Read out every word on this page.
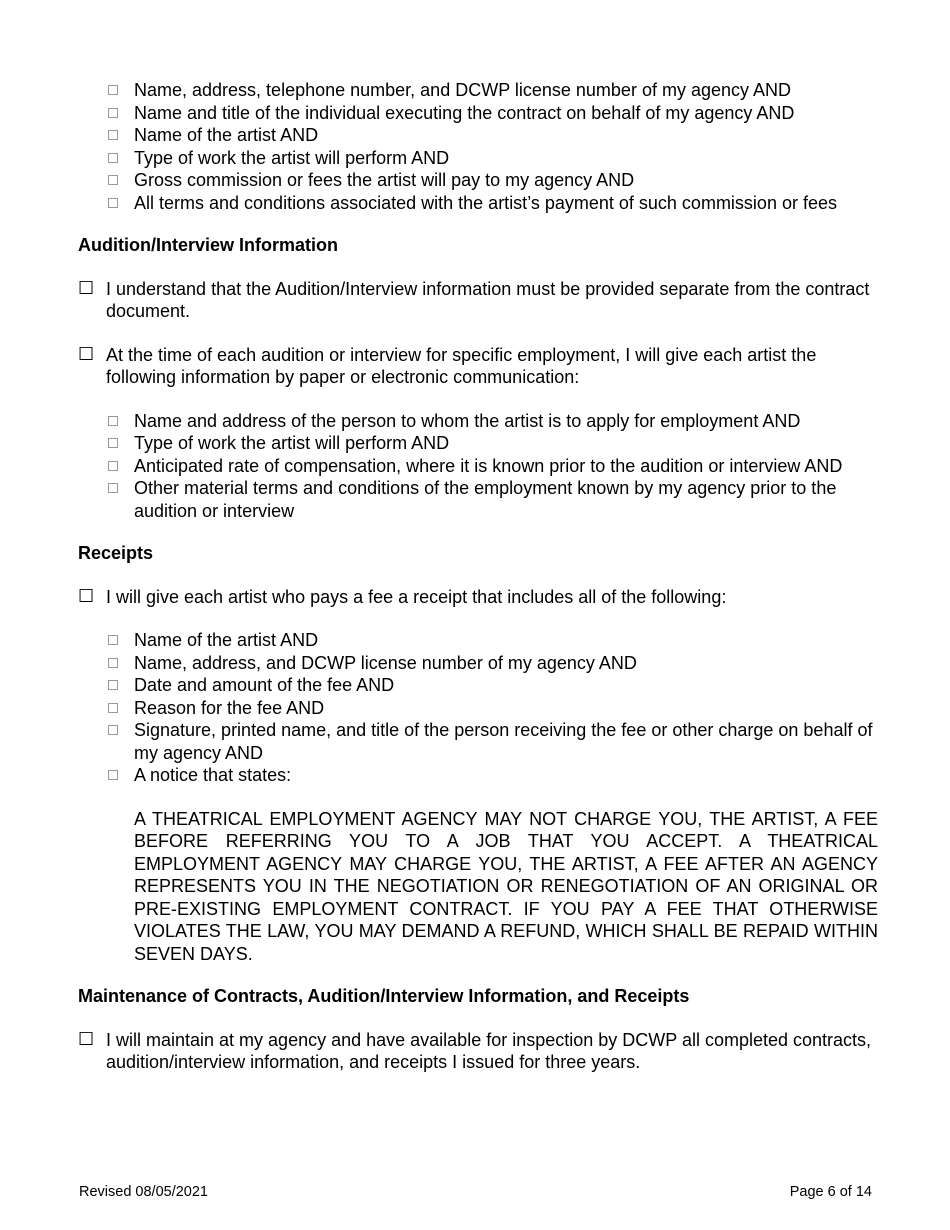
Name, address, telephone number, and DCWP license number of my agency AND
Name and title of the individual executing the contract on behalf of my agency AND
Name of the artist AND
Type of work the artist will perform AND
Gross commission or fees the artist will pay to my agency AND
All terms and conditions associated with the artist’s payment of such commission or fees

Audition/Interview Information

☐ I understand that the Audition/Interview information must be provided separate from the contract document.
☐ At the time of each audition or interview for specific employment, I will give each artist the following information by paper or electronic communication:
Name and address of the person to whom the artist is to apply for employment AND
Type of work the artist will perform AND
Anticipated rate of compensation, where it is known prior to the audition or interview AND
Other material terms and conditions of the employment known by my agency prior to the audition or interview

Receipts

☐ I will give each artist who pays a fee a receipt that includes all of the following:
Name of the artist AND
Name, address, and DCWP license number of my agency AND
Date and amount of the fee AND
Reason for the fee AND
Signature, printed name, and title of the person receiving the fee or other charge on behalf of my agency AND
A notice that states:

A THEATRICAL EMPLOYMENT AGENCY MAY NOT CHARGE YOU, THE ARTIST, A FEE BEFORE REFERRING YOU TO A JOB THAT YOU ACCEPT. A THEATRICAL EMPLOYMENT AGENCY MAY CHARGE YOU, THE ARTIST, A FEE AFTER AN AGENCY REPRESENTS YOU IN THE NEGOTIATION OR RENEGOTIATION OF AN ORIGINAL OR PRE-EXISTING EMPLOYMENT CONTRACT. IF YOU PAY A FEE THAT OTHERWISE VIOLATES THE LAW, YOU MAY DEMAND A REFUND, WHICH SHALL BE REPAID WITHIN SEVEN DAYS.

Maintenance of Contracts, Audition/Interview Information, and Receipts

☐ I will maintain at my agency and have available for inspection by DCWP all completed contracts, audition/interview information, and receipts I issued for three years.
Revised 08/05/2021	Page 6 of 14
